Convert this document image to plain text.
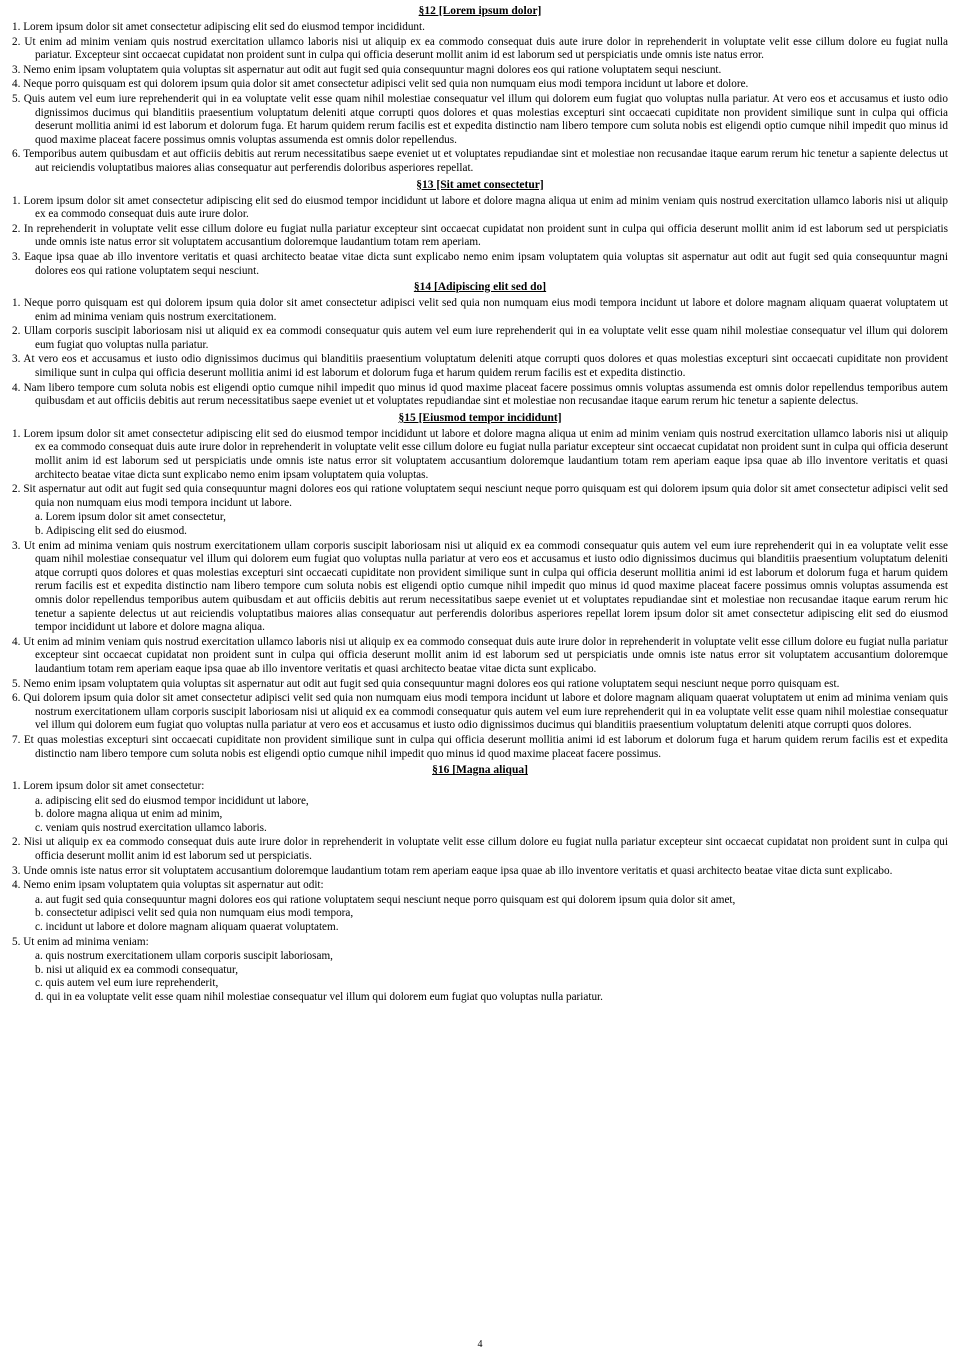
§12 [Lorem ipsum dolor]
1. Lorem ipsum dolor sit amet consectetur adipiscing elit sed do eiusmod tempor incididunt.
2. Ut enim ad minim veniam quis nostrud exercitation ullamco laboris nisi ut aliquip ex ea commodo consequat duis aute irure dolor in reprehenderit in voluptate velit esse cillum dolore eu fugiat nulla pariatur. Excepteur sint occaecat cupidatat non proident sunt in culpa qui officia deserunt mollit anim id est laborum sed ut perspiciatis unde omnis iste natus error.
3. Nemo enim ipsam voluptatem quia voluptas sit aspernatur aut odit aut fugit sed quia consequuntur magni dolores eos qui ratione voluptatem sequi nesciunt.
4. Neque porro quisquam est qui dolorem ipsum quia dolor sit amet consectetur adipisci velit sed quia non numquam eius modi tempora incidunt ut labore et dolore.
5. Quis autem vel eum iure reprehenderit qui in ea voluptate velit esse quam nihil molestiae consequatur vel illum qui dolorem eum fugiat quo voluptas nulla pariatur. At vero eos et accusamus et iusto odio dignissimos ducimus qui blanditiis praesentium voluptatum deleniti atque corrupti quos dolores et quas molestias excepturi sint occaecati cupiditate non provident similique sunt in culpa qui officia deserunt mollitia animi id est laborum et dolorum fuga. Et harum quidem rerum facilis est et expedita distinctio nam libero tempore cum soluta nobis est eligendi optio cumque nihil impedit quo minus id quod maxime placeat facere possimus omnis voluptas assumenda est omnis dolor repellendus.
6. Temporibus autem quibusdam et aut officiis debitis aut rerum necessitatibus saepe eveniet ut et voluptates repudiandae sint et molestiae non recusandae itaque earum rerum hic tenetur a sapiente delectus ut aut reiciendis voluptatibus maiores alias consequatur aut perferendis doloribus asperiores repellat.
§13 [Sit amet consectetur]
1. Lorem ipsum dolor sit amet consectetur adipiscing elit sed do eiusmod tempor incididunt ut labore et dolore magna aliqua ut enim ad minim veniam quis nostrud exercitation ullamco laboris nisi ut aliquip ex ea commodo consequat duis aute irure dolor.
2. In reprehenderit in voluptate velit esse cillum dolore eu fugiat nulla pariatur excepteur sint occaecat cupidatat non proident sunt in culpa qui officia deserunt mollit anim id est laborum sed ut perspiciatis unde omnis iste natus error sit voluptatem accusantium doloremque laudantium totam rem aperiam.
3. Eaque ipsa quae ab illo inventore veritatis et quasi architecto beatae vitae dicta sunt explicabo nemo enim ipsam voluptatem quia voluptas sit aspernatur aut odit aut fugit sed quia consequuntur magni dolores eos qui ratione voluptatem sequi nesciunt.
§14 [Adipiscing elit sed do]
1. Neque porro quisquam est qui dolorem ipsum quia dolor sit amet consectetur adipisci velit sed quia non numquam eius modi tempora incidunt ut labore et dolore magnam aliquam quaerat voluptatem ut enim ad minima veniam quis nostrum exercitationem.
2. Ullam corporis suscipit laboriosam nisi ut aliquid ex ea commodi consequatur quis autem vel eum iure reprehenderit qui in ea voluptate velit esse quam nihil molestiae consequatur vel illum qui dolorem eum fugiat quo voluptas nulla pariatur.
3. At vero eos et accusamus et iusto odio dignissimos ducimus qui blanditiis praesentium voluptatum deleniti atque corrupti quos dolores et quas molestias excepturi sint occaecati cupiditate non provident similique sunt in culpa qui officia deserunt mollitia animi id est laborum et dolorum fuga et harum quidem rerum facilis est et expedita distinctio.
4. Nam libero tempore cum soluta nobis est eligendi optio cumque nihil impedit quo minus id quod maxime placeat facere possimus omnis voluptas assumenda est omnis dolor repellendus temporibus autem quibusdam et aut officiis debitis aut rerum necessitatibus saepe eveniet ut et voluptates repudiandae sint et molestiae non recusandae itaque earum rerum hic tenetur a sapiente delectus.
§15 [Eiusmod tempor incididunt]
1. Lorem ipsum dolor sit amet consectetur adipiscing elit sed do eiusmod tempor incididunt ut labore et dolore magna aliqua ut enim ad minim veniam quis nostrud exercitation ullamco laboris nisi ut aliquip ex ea commodo consequat duis aute irure dolor in reprehenderit in voluptate velit esse cillum dolore eu fugiat nulla pariatur excepteur sint occaecat cupidatat non proident sunt in culpa qui officia deserunt mollit anim id est laborum sed ut perspiciatis unde omnis iste natus error sit voluptatem accusantium doloremque laudantium totam rem aperiam eaque ipsa quae ab illo inventore veritatis et quasi architecto beatae vitae dicta sunt explicabo nemo enim ipsam voluptatem quia voluptas.
2. Sit aspernatur aut odit aut fugit sed quia consequuntur magni dolores eos qui ratione voluptatem sequi nesciunt neque porro quisquam est qui dolorem ipsum quia dolor sit amet consectetur adipisci velit sed quia non numquam eius modi tempora incidunt ut labore.
a. Lorem ipsum dolor sit amet consectetur,
b. Adipiscing elit sed do eiusmod.
3. Ut enim ad minima veniam quis nostrum exercitationem ullam corporis suscipit laboriosam nisi ut aliquid ex ea commodi consequatur quis autem vel eum iure reprehenderit qui in ea voluptate velit esse quam nihil molestiae consequatur vel illum qui dolorem eum fugiat quo voluptas nulla pariatur at vero eos et accusamus et iusto odio dignissimos ducimus qui blanditiis praesentium voluptatum deleniti atque corrupti quos dolores et quas molestias excepturi sint occaecati cupiditate non provident similique sunt in culpa qui officia deserunt mollitia animi id est laborum et dolorum fuga et harum quidem rerum facilis est et expedita distinctio nam libero tempore cum soluta nobis est eligendi optio cumque nihil impedit quo minus id quod maxime placeat facere possimus omnis voluptas assumenda est omnis dolor repellendus temporibus autem quibusdam et aut officiis debitis aut rerum necessitatibus saepe eveniet ut et voluptates repudiandae sint et molestiae non recusandae itaque earum rerum hic tenetur a sapiente delectus ut aut reiciendis voluptatibus maiores alias consequatur aut perferendis doloribus asperiores repellat lorem ipsum dolor sit amet consectetur adipiscing elit sed do eiusmod tempor incididunt ut labore et dolore magna aliqua.
4. Ut enim ad minim veniam quis nostrud exercitation ullamco laboris nisi ut aliquip ex ea commodo consequat duis aute irure dolor in reprehenderit in voluptate velit esse cillum dolore eu fugiat nulla pariatur excepteur sint occaecat cupidatat non proident sunt in culpa qui officia deserunt mollit anim id est laborum sed ut perspiciatis unde omnis iste natus error sit voluptatem accusantium doloremque laudantium totam rem aperiam eaque ipsa quae ab illo inventore veritatis et quasi architecto beatae vitae dicta sunt explicabo.
5. Nemo enim ipsam voluptatem quia voluptas sit aspernatur aut odit aut fugit sed quia consequuntur magni dolores eos qui ratione voluptatem sequi nesciunt neque porro quisquam est.
6. Qui dolorem ipsum quia dolor sit amet consectetur adipisci velit sed quia non numquam eius modi tempora incidunt ut labore et dolore magnam aliquam quaerat voluptatem ut enim ad minima veniam quis nostrum exercitationem ullam corporis suscipit laboriosam nisi ut aliquid ex ea commodi consequatur quis autem vel eum iure reprehenderit qui in ea voluptate velit esse quam nihil molestiae consequatur vel illum qui dolorem eum fugiat quo voluptas nulla pariatur at vero eos et accusamus et iusto odio dignissimos ducimus qui blanditiis praesentium voluptatum deleniti atque corrupti quos dolores.
7. Et quas molestias excepturi sint occaecati cupiditate non provident similique sunt in culpa qui officia deserunt mollitia animi id est laborum et dolorum fuga et harum quidem rerum facilis est et expedita distinctio nam libero tempore cum soluta nobis est eligendi optio cumque nihil impedit quo minus id quod maxime placeat facere possimus.
§16 [Magna aliqua]
1. Lorem ipsum dolor sit amet consectetur:
a. adipiscing elit sed do eiusmod tempor incididunt ut labore,
b. dolore magna aliqua ut enim ad minim,
c. veniam quis nostrud exercitation ullamco laboris.
2. Nisi ut aliquip ex ea commodo consequat duis aute irure dolor in reprehenderit in voluptate velit esse cillum dolore eu fugiat nulla pariatur excepteur sint occaecat cupidatat non proident sunt in culpa qui officia deserunt mollit anim id est laborum sed ut perspiciatis.
3. Unde omnis iste natus error sit voluptatem accusantium doloremque laudantium totam rem aperiam eaque ipsa quae ab illo inventore veritatis et quasi architecto beatae vitae dicta sunt explicabo.
4. Nemo enim ipsam voluptatem quia voluptas sit aspernatur aut odit:
a. aut fugit sed quia consequuntur magni dolores eos qui ratione voluptatem sequi nesciunt neque porro quisquam est qui dolorem ipsum quia dolor sit amet,
b. consectetur adipisci velit sed quia non numquam eius modi tempora,
c. incidunt ut labore et dolore magnam aliquam quaerat voluptatem.
5. Ut enim ad minima veniam:
a. quis nostrum exercitationem ullam corporis suscipit laboriosam,
b. nisi ut aliquid ex ea commodi consequatur,
c. quis autem vel eum iure reprehenderit,
d. qui in ea voluptate velit esse quam nihil molestiae consequatur vel illum qui dolorem eum fugiat quo voluptas nulla pariatur.
4
